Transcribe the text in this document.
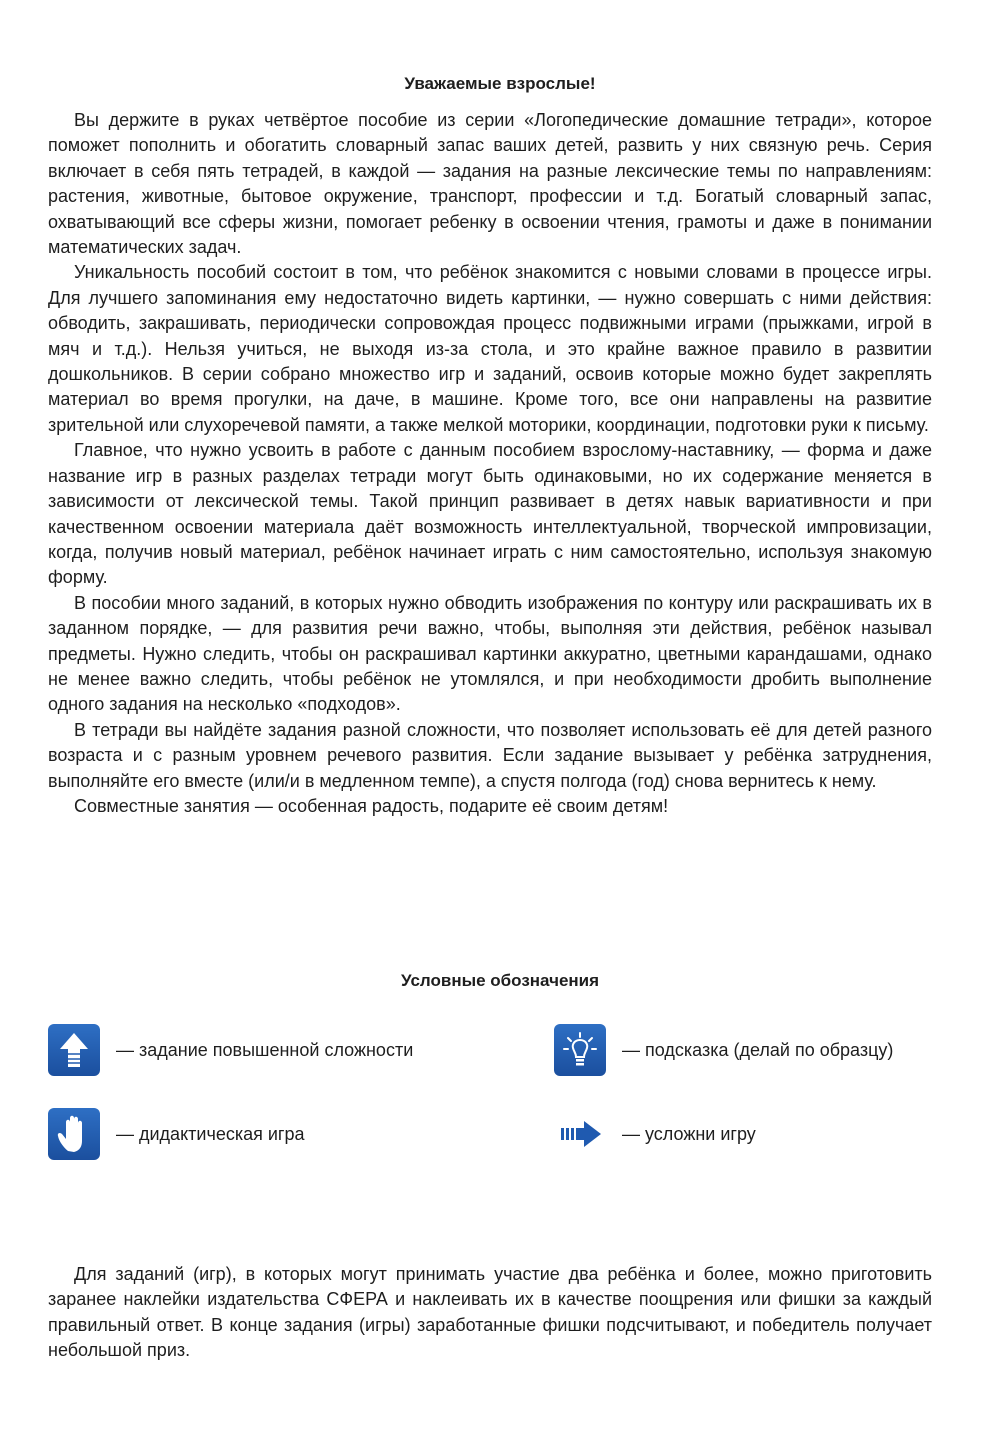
Уважаемые взрослые!

Вы держите в руках четвёртое пособие из серии «Логопедические домашние тетради», которое поможет пополнить и обогатить словарный запас ваших детей, развить у них связную речь. Серия включает в себя пять тетрадей, в каждой — задания на разные лексические темы по направлениям: растения, животные, бытовое окружение, транспорт, профессии и т.д. Богатый словарный запас, охватывающий все сферы жизни, помогает ребенку в освоении чтения, грамоты и даже в понимании математических задач.

Уникальность пособий состоит в том, что ребёнок знакомится с новыми словами в процессе игры. Для лучшего запоминания ему недостаточно видеть картинки, — нужно совершать с ними действия: обводить, закрашивать, периодически сопровождая процесс подвижными играми (прыжками, игрой в мяч и т.д.). Нельзя учиться, не выходя из-за стола, и это крайне важное правило в развитии дошкольников. В серии собрано множество игр и заданий, освоив которые можно будет закреплять материал во время прогулки, на даче, в машине. Кроме того, все они направлены на развитие зрительной или слухоречевой памяти, а также мелкой моторики, координации, подготовки руки к письму.

Главное, что нужно усвоить в работе с данным пособием взрослому-наставнику, — форма и даже название игр в разных разделах тетради могут быть одинаковыми, но их содержание меняется в зависимости от лексической темы. Такой принцип развивает в детях навык вариативности и при качественном освоении материала даёт возможность интеллектуальной, творческой импровизации, когда, получив новый материал, ребёнок начинает играть с ним самостоятельно, используя знакомую форму.

В пособии много заданий, в которых нужно обводить изображения по контуру или раскрашивать их в заданном порядке, — для развития речи важно, чтобы, выполняя эти действия, ребёнок называл предметы. Нужно следить, чтобы он раскрашивал картинки аккуратно, цветными карандашами, однако не менее важно следить, чтобы ребёнок не утомлялся, и при необходимости дробить выполнение одного задания на несколько «подходов».

В тетради вы найдёте задания разной сложности, что позволяет использовать её для детей разного возраста и с разным уровнем речевого развития. Если задание вызывает у ребёнка затруднения, выполняйте его вместе (или/и в медленном темпе), а спустя полгода (год) снова вернитесь к нему.

Совместные занятия — особенная радость, подарите её своим детям!

Условные обозначения
— задание повышенной сложности	— подсказка (делай по образцу)
— дидактическая игра	— усложни игру

Для заданий (игр), в которых могут принимать участие два ребёнка и более, можно приготовить заранее наклейки издательства СФЕРА и наклеивать их в качестве поощрения или фишки за каждый правильный ответ. В конце задания (игры) заработанные фишки подсчитывают, и победитель получает небольшой приз.
